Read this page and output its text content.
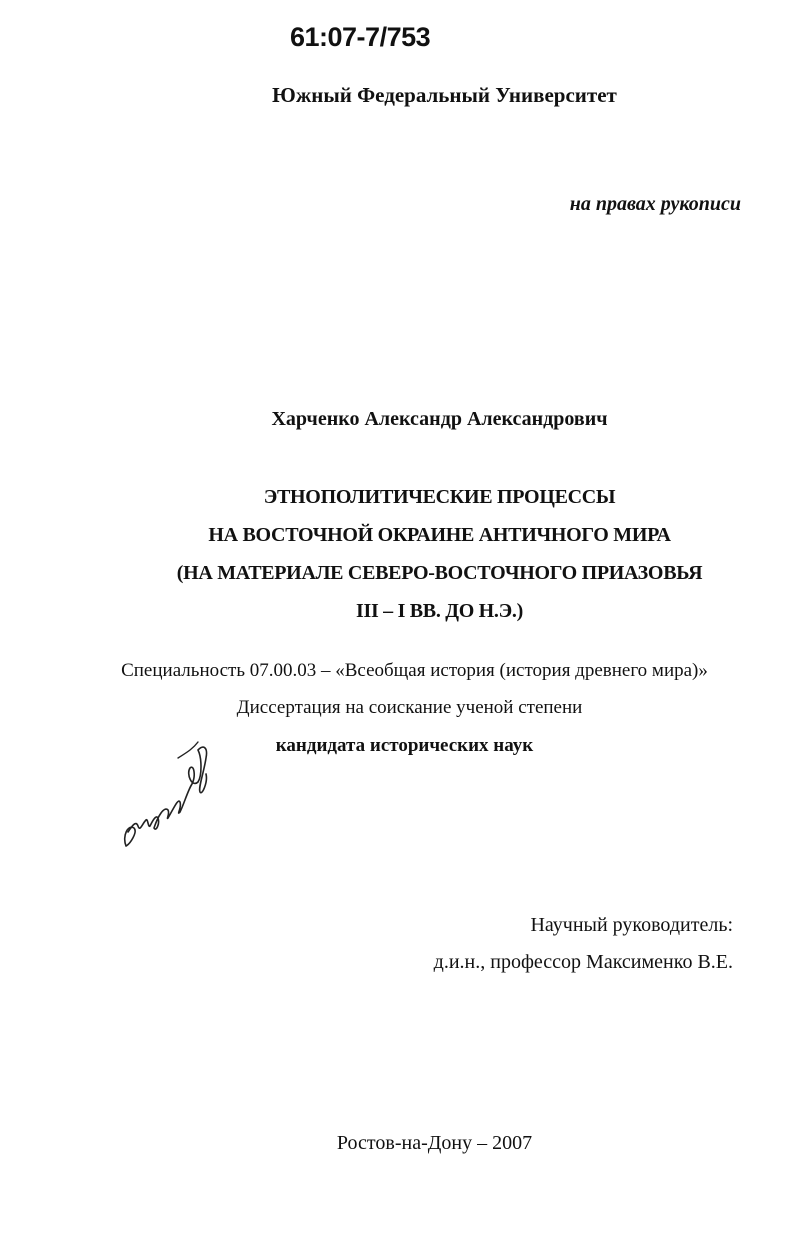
61:07-7/753
Южный Федеральный Университет
на правах рукописи
Харченко Александр Александрович
ЭТНОПОЛИТИЧЕСКИЕ ПРОЦЕССЫ
НА ВОСТОЧНОЙ ОКРАИНЕ АНТИЧНОГО МИРА
(НА МАТЕРИАЛЕ СЕВЕРО-ВОСТОЧНОГО ПРИАЗОВЬЯ
III – I ВВ. ДО Н.Э.)
Специальность 07.00.03 – «Всеобщая история (история древнего мира)»
Диссертация на соискание ученой степени
кандидата исторических наук
Научный руководитель:
д.и.н., профессор Максименко В.Е.
Ростов-на-Дону – 2007
